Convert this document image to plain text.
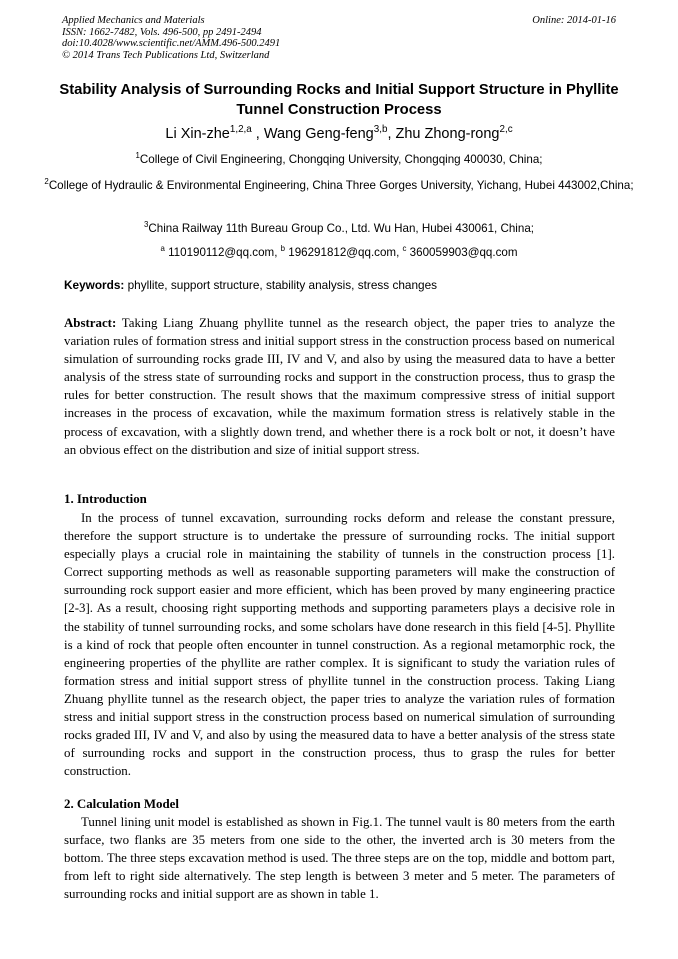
Applied Mechanics and Materials
ISSN: 1662-7482, Vols. 496-500, pp 2491-2494
doi:10.4028/www.scientific.net/AMM.496-500.2491
© 2014 Trans Tech Publications Ltd, Switzerland
Online: 2014-01-16
Stability Analysis of Surrounding Rocks and Initial Support Structure in Phyllite Tunnel Construction Process
Li Xin-zhe$^{1,2,a}$ , Wang Geng-feng$^{3,b}$, Zhu Zhong-rong$^{2,c}$
$^1$College of Civil Engineering, Chongqing University, Chongqing 400030, China;
$^2$College of Hydraulic & Environmental Engineering, China Three Gorges University, Yichang, Hubei 443002,China;
$^3$China Railway 11th Bureau Group Co., Ltd. Wu Han, Hubei 430061, China;
$^a$ 110190112@qq.com, $^b$ 196291812@qq.com, $^c$ 360059903@qq.com
Keywords: phyllite, support structure, stability analysis, stress changes
Abstract: Taking Liang Zhuang phyllite tunnel as the research object, the paper tries to analyze the variation rules of formation stress and initial support stress in the construction process based on numerical simulation of surrounding rocks grade III, IV and V, and also by using the measured data to have a better analysis of the stress state of surrounding rocks and support in the construction process, thus to grasp the rules for better construction. The result shows that the maximum compressive stress of initial support increases in the process of excavation, while the maximum formation stress is relatively stable in the process of excavation, with a slightly down trend, and whether there is a rock bolt or not, it doesn’t have an obvious effect on the distribution and size of initial support stress.
1. Introduction
In the process of tunnel excavation, surrounding rocks deform and release the constant pressure, therefore the support structure is to undertake the pressure of surrounding rocks. The initial support especially plays a crucial role in maintaining the stability of tunnels in the construction process [1]. Correct supporting methods as well as reasonable supporting parameters will make the construction of surrounding rock support easier and more efficient, which has been proved by many engineering practice [2-3]. As a result, choosing right supporting methods and supporting parameters plays a decisive role in the stability of tunnel surrounding rocks, and some scholars have done research in this field [4-5]. Phyllite is a kind of rock that people often encounter in tunnel construction. As a regional metamorphic rock, the engineering properties of the phyllite are rather complex. It is significant to study the variation rules of formation stress and initial support stress of phyllite tunnel in the construction process. Taking Liang Zhuang phyllite tunnel as the research object, the paper tries to analyze the variation rules of formation stress and initial support stress in the construction process based on numerical simulation of surrounding rocks graded III, IV and V, and also by using the measured data to have a better analysis of the stress state of surrounding rocks and support in the construction process, thus to grasp the rules for better construction.
2. Calculation Model
Tunnel lining unit model is established as shown in Fig.1. The tunnel vault is 80 meters from the earth surface, two flanks are 35 meters from one side to the other, the inverted arch is 30 meters from the bottom. The three steps excavation method is used. The three steps are on the top, middle and bottom part, from left to right side alternatively. The step length is between 3 meter and 5 meter. The parameters of surrounding rocks and initial support are as shown in table 1.
